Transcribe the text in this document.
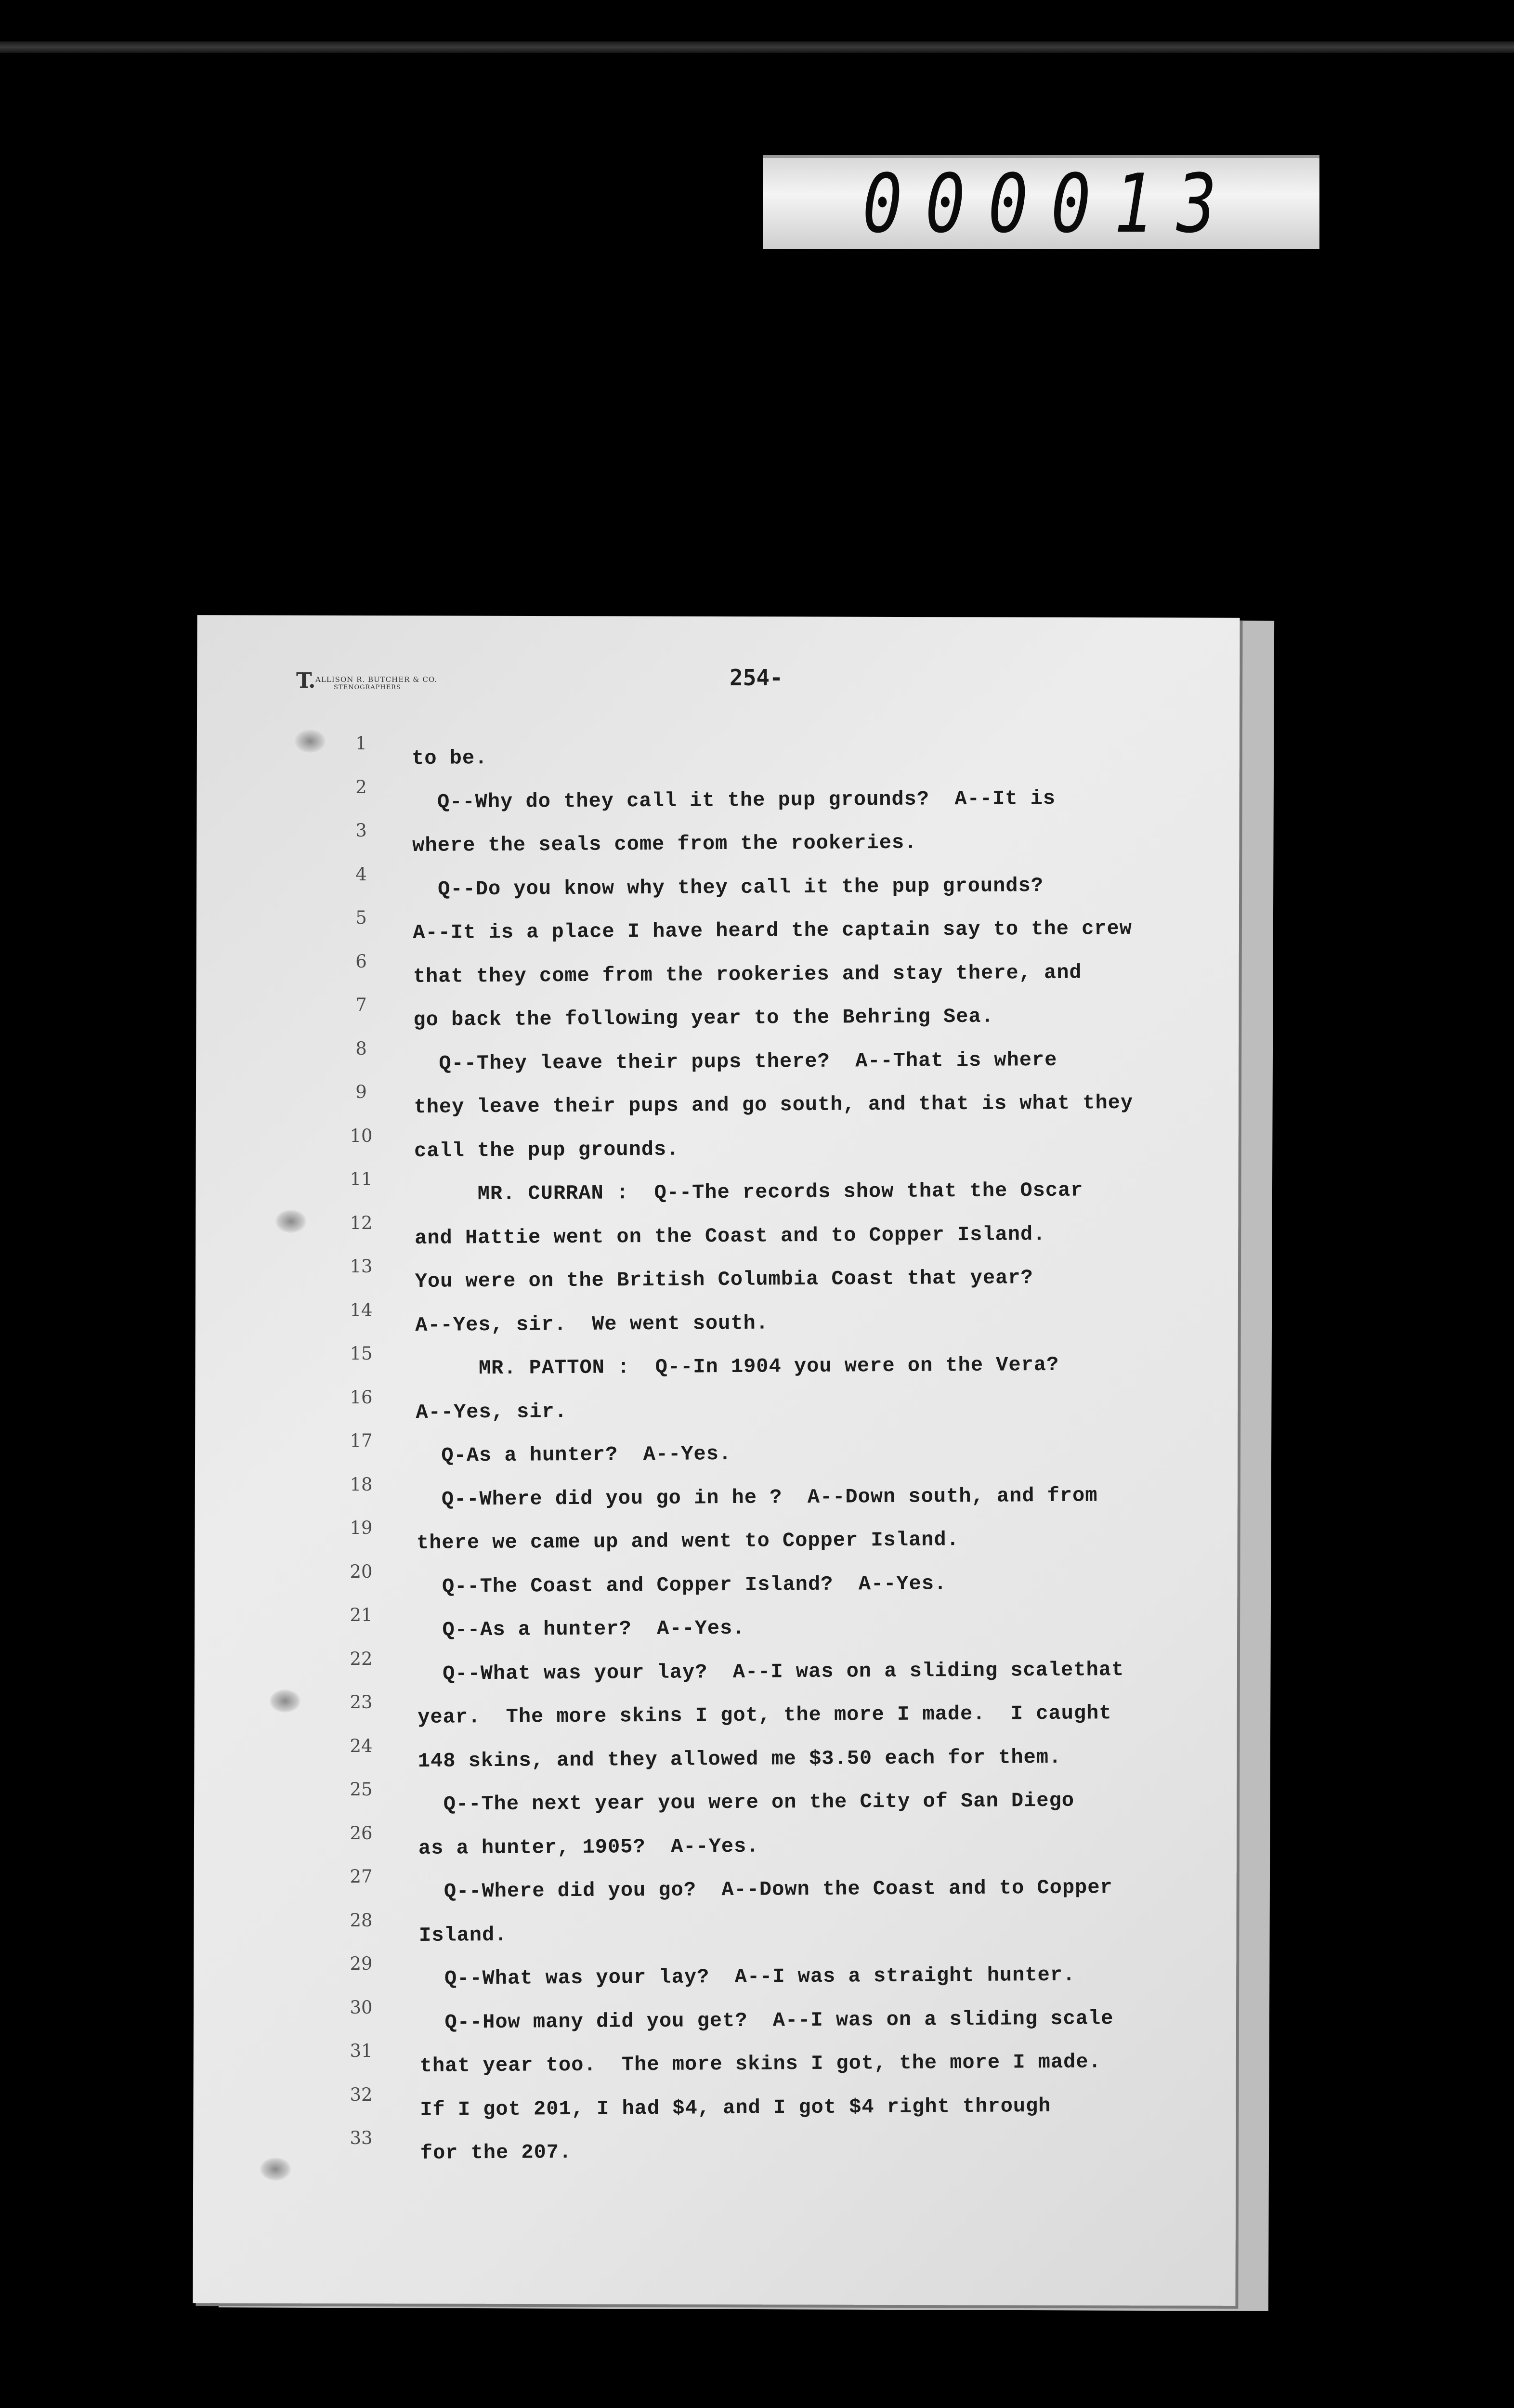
000013
T. ALLISON R. BUTCHER & CO.
STENOGRAPHERS	254-
1
2
3
4
5
6
7
8
9
10
11
12
13
14
15
16
17
18
19
20
21
22
23
24
25
26
27
28
29
30
31
32
33
to be.
Q--Why do they call it the pup grounds?  A--It is
where the seals come from the rookeries.
Q--Do you know why they call it the pup grounds?
A--It is a place I have heard the captain say to the crew
that they come from the rookeries and stay there, and
go back the following year to the Behring Sea.
Q--They leave their pups there?  A--That is where
they leave their pups and go south, and that is what they
call the pup grounds.
MR. CURRAN :  Q--The records show that the Oscar
and Hattie went on the Coast and to Copper Island.
You were on the British Columbia Coast that year?
A--Yes, sir.  We went south.
MR. PATTON :  Q--In 1904 you were on the Vera?
A--Yes, sir.
Q-As a hunter?  A--Yes.
Q--Where did you go in he ?  A--Down south, and from
there we came up and went to Copper Island.
Q--The Coast and Copper Island?  A--Yes.
Q--As a hunter?  A--Yes.
Q--What was your lay?  A--I was on a sliding scalethat
year.  The more skins I got, the more I made.  I caught
148 skins, and they allowed me $3.50 each for them.
Q--The next year you were on the City of San Diego
as a hunter, 1905?  A--Yes.
Q--Where did you go?  A--Down the Coast and to Copper
Island.
Q--What was your lay?  A--I was a straight hunter.
Q--How many did you get?  A--I was on a sliding scale
that year too.  The more skins I got, the more I made.
If I got 201, I had $4, and I got $4 right through
for the 207.
